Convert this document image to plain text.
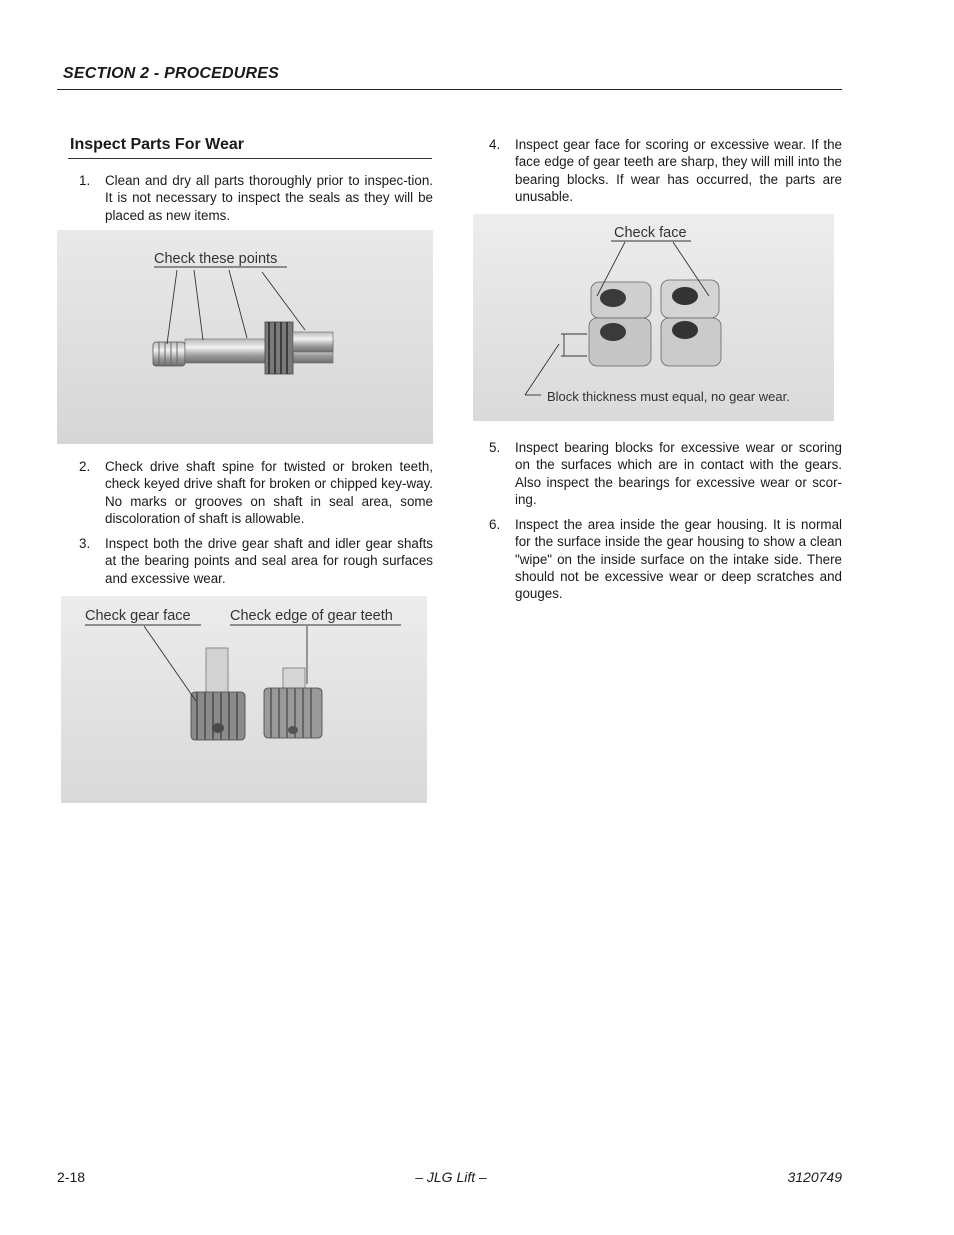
SECTION 2 - PROCEDURES
Inspect Parts For Wear
1. Clean and dry all parts thoroughly prior to inspec-tion. It is not necessary to inspect the seals as they will be placed as new items.
Check these points
2. Check drive shaft spine for twisted or broken teeth, check keyed drive shaft for broken or chipped key-way. No marks or grooves on shaft in seal area, some discoloration of shaft is allowable.
3. Inspect both the drive gear shaft and idler gear shafts at the bearing points and seal area for rough surfaces and excessive wear.
Check gear face	Check edge of gear teeth
4. Inspect gear face for scoring or excessive wear. If the face edge of gear teeth are sharp, they will mill into the bearing blocks. If wear has occurred, the parts are unusable.
Check face
Block thickness must equal, no gear wear.
5. Inspect bearing blocks for excessive wear or scoring on the surfaces which are in contact with the gears. Also inspect the bearings for excessive wear or scor-ing.
6. Inspect the area inside the gear housing. It is normal for the surface inside the gear housing to show a clean "wipe" on the inside surface on the intake side. There should not be excessive wear or deep scratches and gouges.
2-18	– JLG Lift –	3120749
